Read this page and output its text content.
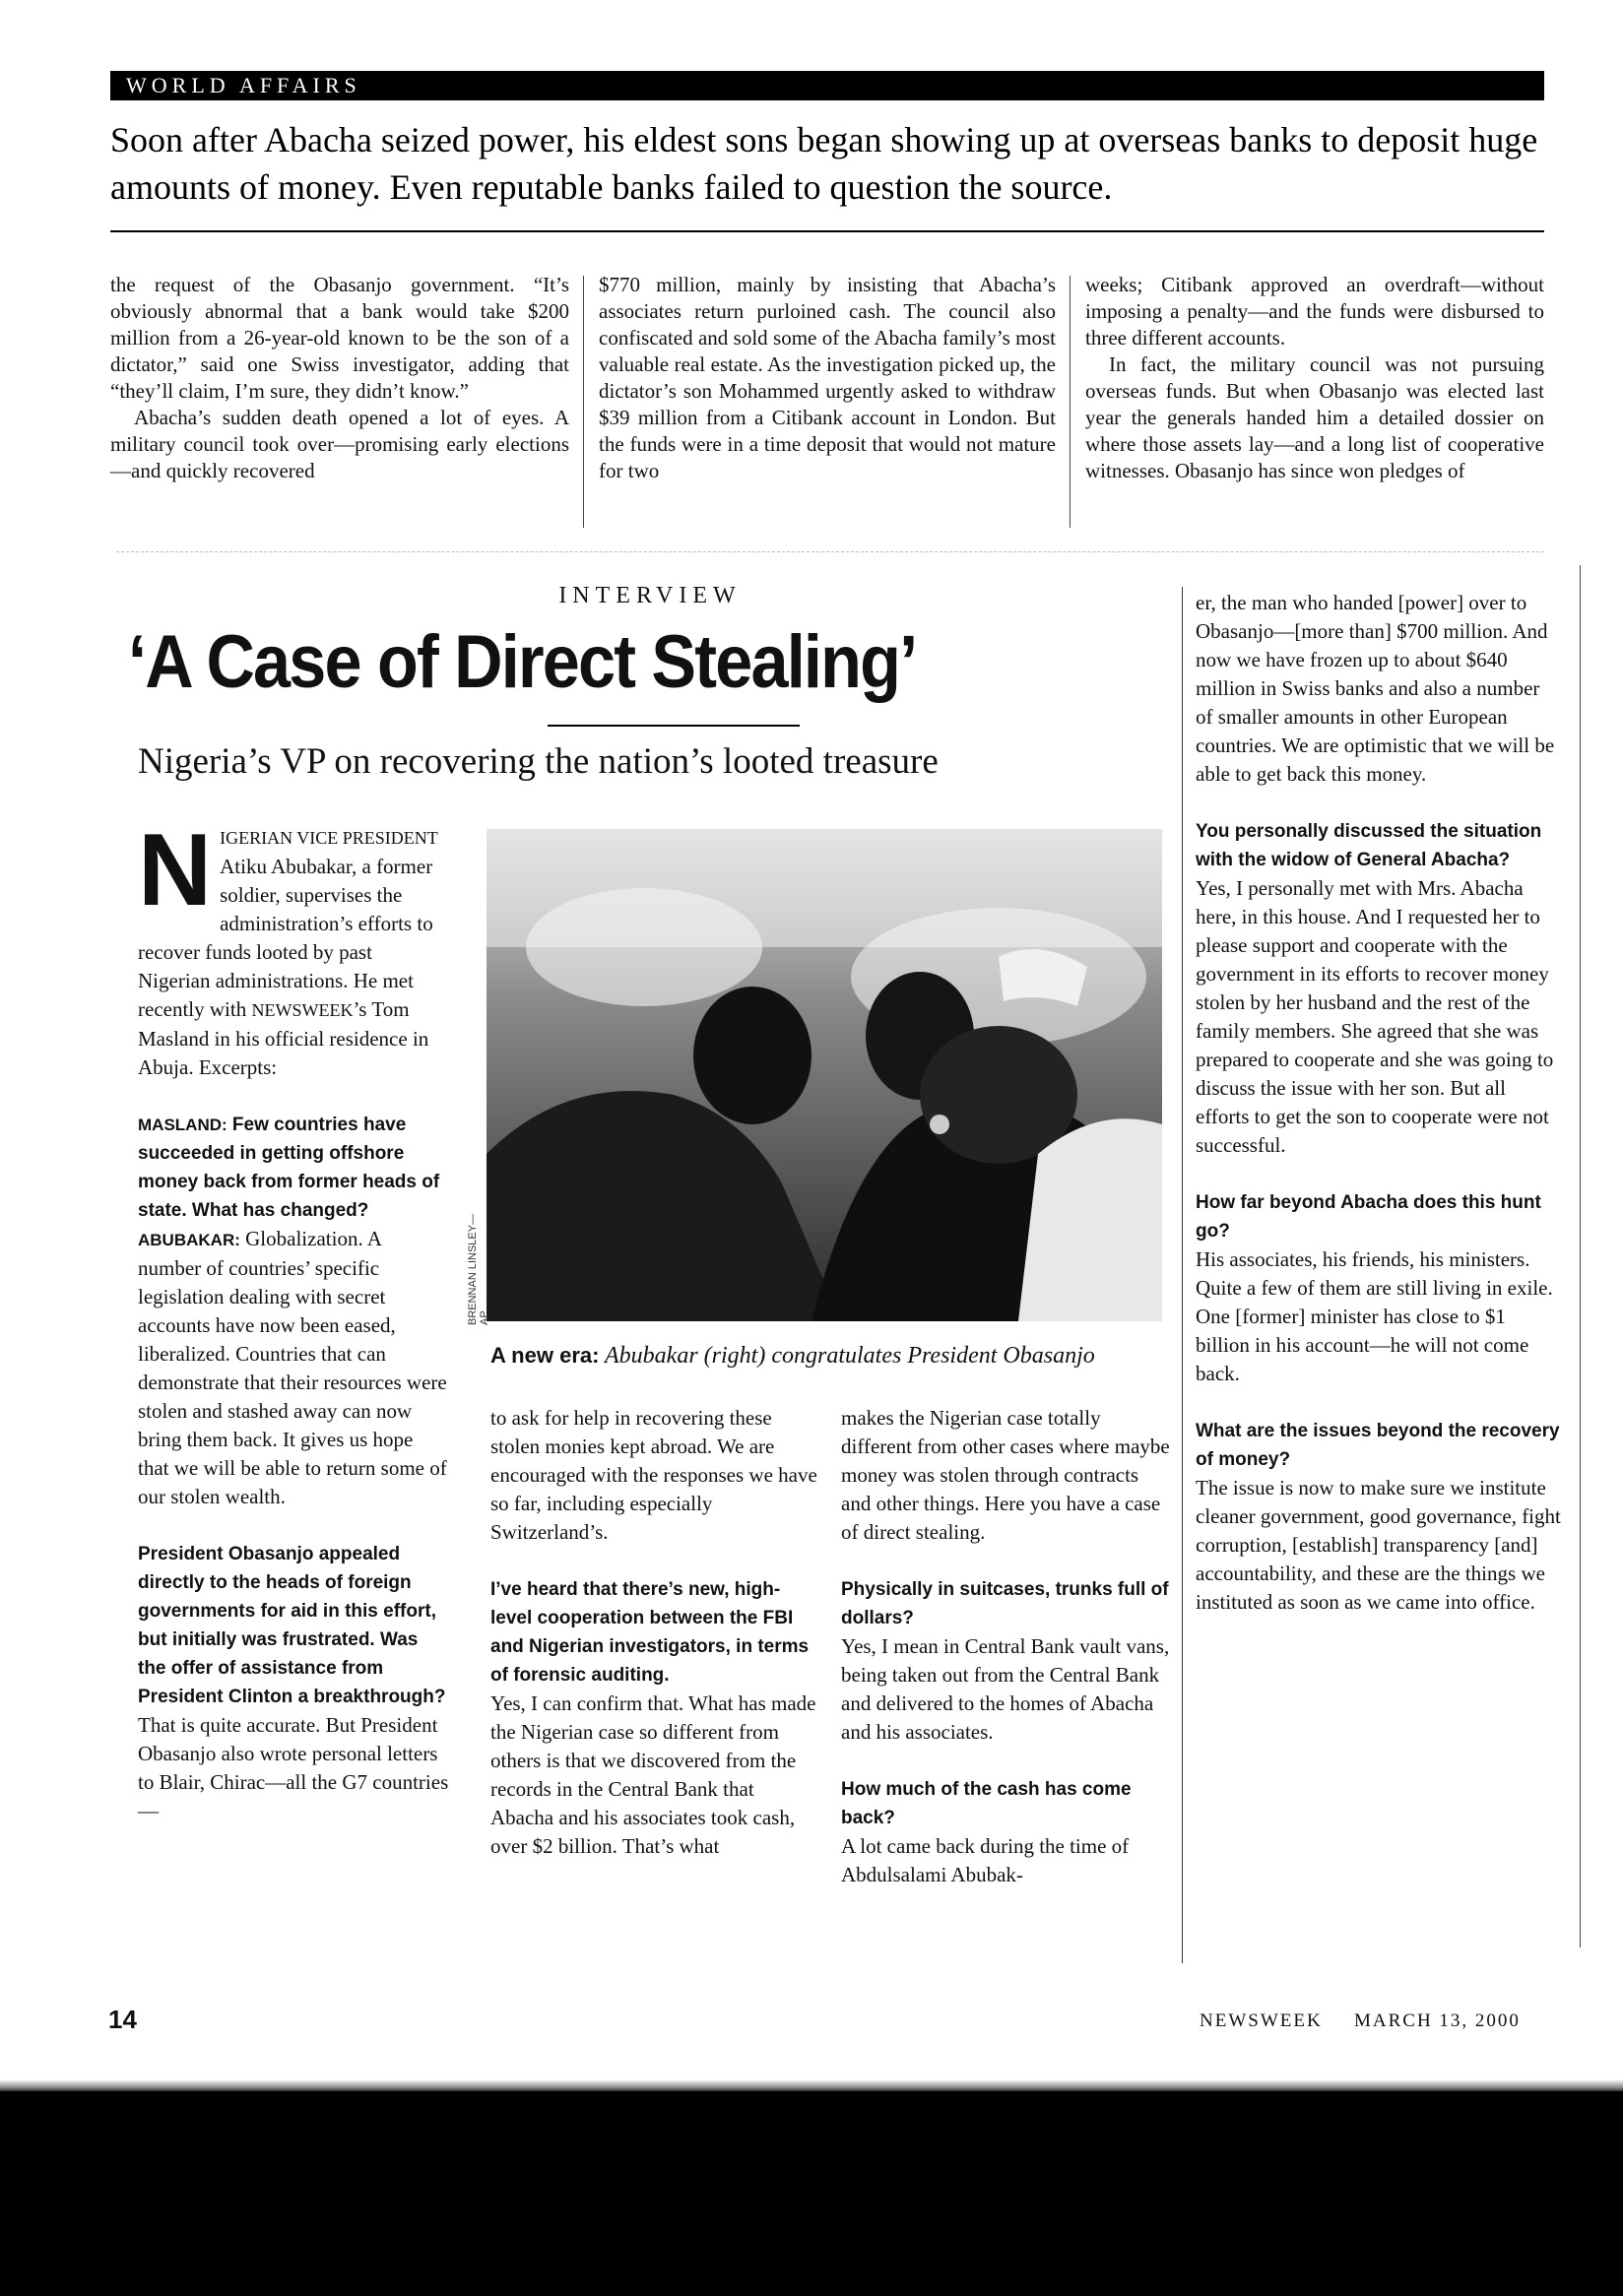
WORLD AFFAIRS
Soon after Abacha seized power, his eldest sons began showing up at overseas banks to deposit huge amounts of money. Even reputable banks failed to question the source.

the request of the Obasanjo government. “It’s obviously abnormal that a bank would take $200 million from a 26-year-old known to be the son of a dictator,” said one Swiss investigator, adding that “they’ll claim, I’m sure, they didn’t know.”

Abacha’s sudden death opened a lot of eyes. A military council took over—promising early elections—and quickly recovered

$770 million, mainly by insisting that Abacha’s associates return purloined cash. The council also confiscated and sold some of the Abacha family’s most valuable real estate. As the investigation picked up, the dictator’s son Mohammed urgently asked to withdraw $39 million from a Citibank account in London. But the funds were in a time deposit that would not mature for two

weeks; Citibank approved an overdraft—without imposing a penalty—and the funds were disbursed to three different accounts.

In fact, the military council was not pursuing overseas funds. But when Obasanjo was elected last year the generals handed him a detailed dossier on where those assets lay—and a long list of cooperative witnesses. Obasanjo has since won pledges of

INTERVIEW
‘A Case of Direct Stealing’
Nigeria’s VP on recovering the nation’s looted treasure

NIGERIAN VICE PRESIDENT Atiku Abubakar, a former soldier, supervises the administration’s efforts to recover funds looted by past Nigerian administrations. He met recently with NEWSWEEK’s Tom Masland in his official residence in Abuja. Excerpts:

MASLAND: Few countries have succeeded in getting offshore money back from former heads of state. What has changed?

ABUBAKAR: Globalization. A number of countries’ specific legislation dealing with secret accounts have now been eased, liberalized. Countries that can demonstrate that their resources were stolen and stashed away can now bring them back. It gives us hope that we will be able to return some of our stolen wealth.

President Obasanjo appealed directly to the heads of foreign governments for aid in this effort, but initially was frustrated. Was the offer of assistance from President Clinton a breakthrough?

That is quite accurate. But President Obasanjo also wrote personal letters to Blair, Chirac—all the G7 countries—

BRENNAN LINSLEY—AP
A new era: Abubakar (right) congratulates President Obasanjo

to ask for help in recovering these stolen monies kept abroad. We are encouraged with the responses we have so far, including especially Switzerland’s.

I’ve heard that there’s new, high-level cooperation between the FBI and Nigerian investigators, in terms of forensic auditing.

Yes, I can confirm that. What has made the Nigerian case so different from others is that we discovered from the records in the Central Bank that Abacha and his associates took cash, over $2 billion. That’s what

makes the Nigerian case totally different from other cases where maybe money was stolen through contracts and other things. Here you have a case of direct stealing.

Physically in suitcases, trunks full of dollars?

Yes, I mean in Central Bank vault vans, being taken out from the Central Bank and delivered to the homes of Abacha and his associates.

How much of the cash has come back?

A lot came back during the time of Abdulsalami Abubak-

er, the man who handed [power] over to Obasanjo—[more than] $700 million. And now we have frozen up to about $640 million in Swiss banks and also a number of smaller amounts in other European countries. We are optimistic that we will be able to get back this money.

You personally discussed the situation with the widow of General Abacha?

Yes, I personally met with Mrs. Abacha here, in this house. And I requested her to please support and cooperate with the government in its efforts to recover money stolen by her husband and the rest of the family members. She agreed that she was prepared to cooperate and she was going to discuss the issue with her son. But all efforts to get the son to cooperate were not successful.

How far beyond Abacha does this hunt go?

His associates, his friends, his ministers. Quite a few of them are still living in exile. One [former] minister has close to $1 billion in his account—he will not come back.

What are the issues beyond the recovery of money?

The issue is now to make sure we institute cleaner government, good governance, fight corruption, [establish] transparency [and] accountability, and these are the things we instituted as soon as we came into office.

14	NEWSWEEK MARCH 13, 2000
